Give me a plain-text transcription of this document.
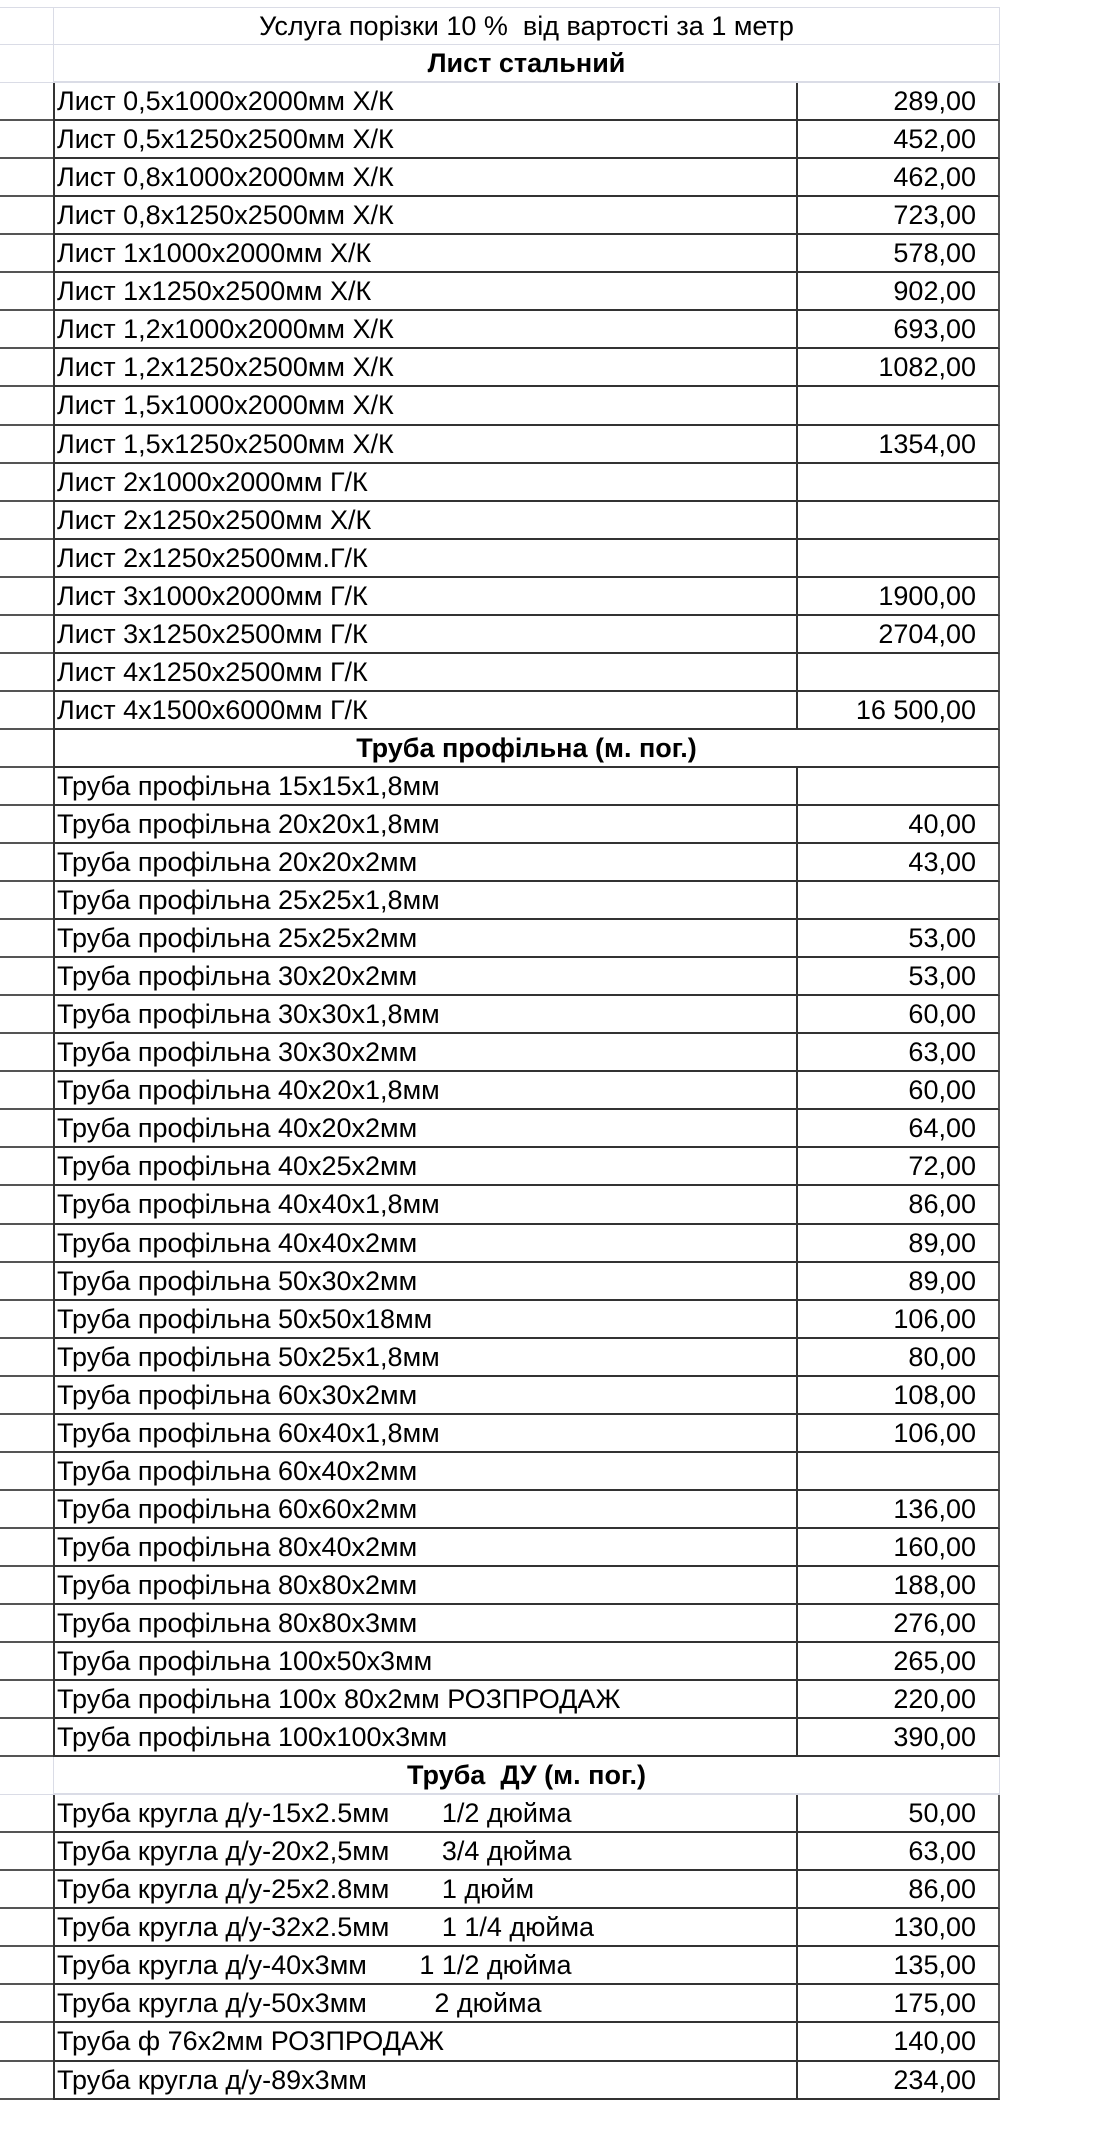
Услуга порізки 10 %  від вартості за 1 метр
Лист стальний
Лист 0,5х1000х2000мм Х/К	289,00
Лист 0,5х1250х2500мм Х/К	452,00
Лист 0,8х1000х2000мм Х/К	462,00
Лист 0,8х1250х2500мм Х/К	723,00
Лист 1х1000х2000мм Х/К	578,00
Лист 1х1250х2500мм Х/К	902,00
Лист 1,2х1000х2000мм Х/К	693,00
Лист 1,2х1250х2500мм Х/К	1082,00
Лист 1,5х1000х2000мм Х/К
Лист 1,5х1250х2500мм Х/К	1354,00
Лист 2х1000х2000мм Г/К
Лист 2х1250х2500мм Х/К
Лист 2х1250х2500мм.Г/К
Лист 3х1000х2000мм Г/К	1900,00
Лист 3х1250х2500мм Г/К	2704,00
Лист 4х1250х2500мм Г/К
Лист 4х1500х6000мм Г/К	16 500,00
Труба профільна (м. пог.)
Труба профільна 15х15х1,8мм
Труба профільна 20х20х1,8мм	40,00
Труба профільна 20х20х2мм	43,00
Труба профільна 25х25х1,8мм
Труба профільна 25х25х2мм	53,00
Труба профільна 30х20х2мм	53,00
Труба профільна 30х30х1,8мм	60,00
Труба профільна 30х30х2мм	63,00
Труба профільна 40х20х1,8мм	60,00
Труба профільна 40х20х2мм	64,00
Труба профільна 40х25х2мм	72,00
Труба профільна 40х40х1,8мм	86,00
Труба профільна 40х40х2мм	89,00
Труба профільна 50х30х2мм	89,00
Труба профільна 50х50х18мм	106,00
Труба профільна 50х25х1,8мм	80,00
Труба профільна 60х30х2мм	108,00
Труба профільна 60х40х1,8мм	106,00
Труба профільна 60х40х2мм
Труба профільна 60х60х2мм	136,00
Труба профільна 80х40х2мм	160,00
Труба профільна 80х80х2мм	188,00
Труба профільна 80х80х3мм	276,00
Труба профільна 100х50х3мм	265,00
Труба профільна 100х 80х2мм РОЗПРОДАЖ	220,00
Труба профільна 100х100х3мм	390,00
Труба  ДУ (м. пог.)
Труба кругла д/у-15х2.5мм       1/2 дюйма	50,00
Труба кругла д/у-20х2,5мм       3/4 дюйма	63,00
Труба кругла д/у-25х2.8мм       1 дюйм	86,00
Труба кругла д/у-32х2.5мм       1 1/4 дюйма	130,00
Труба кругла д/у-40х3мм       1 1/2 дюйма	135,00
Труба кругла д/у-50х3мм         2 дюйма	175,00
Труба ф 76х2мм РОЗПРОДАЖ	140,00
Труба кругла д/у-89х3мм	234,00
